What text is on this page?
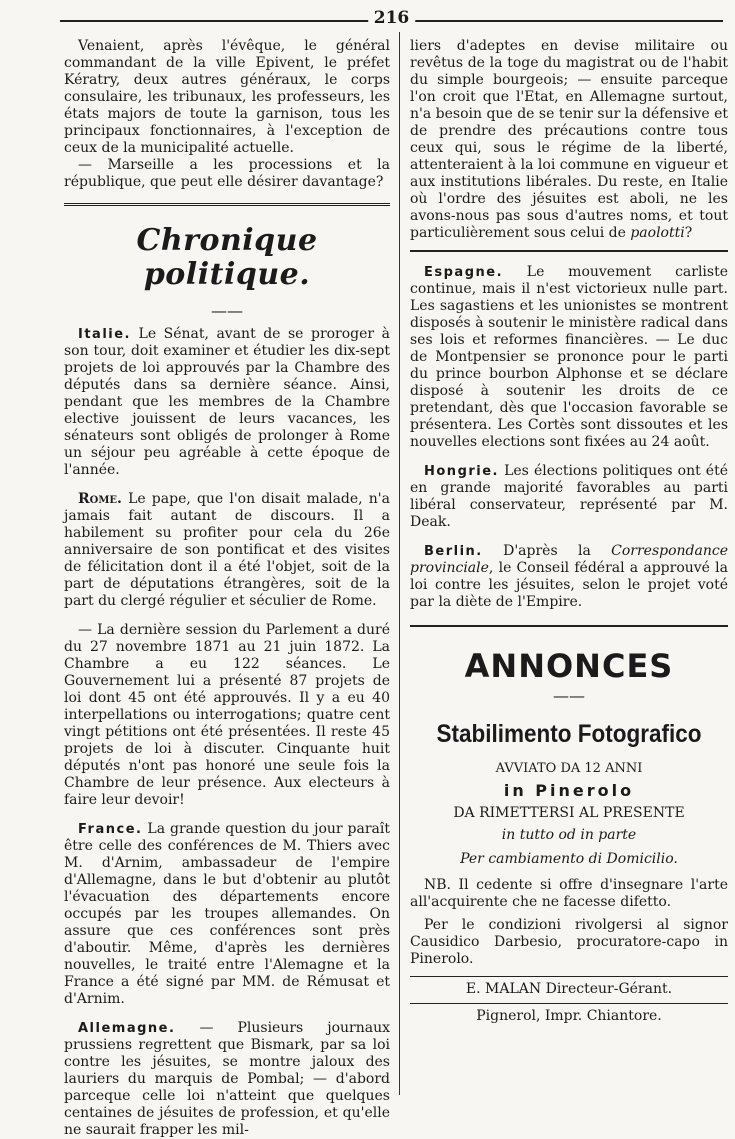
216

Venaient, après l'évêque, le général commandant de la ville Epivent, le préfet Kératry, deux autres généraux, le corps consulaire, les tribunaux, les professeurs, les états majors de toute la garnison, tous les principaux fonctionnaires, à l'exception de ceux de la municipalité actuelle.

— Marseille a les processions et la république, que peut elle désirer davantage?

Chronique politique.
——

Italie. Le Sénat, avant de se proroger à son tour, doit examiner et étudier les dix-sept projets de loi approuvés par la Chambre des députés dans sa dernière séance. Ainsi, pendant que les membres de la Chambre elective jouissent de leurs vacances, les sénateurs sont obligés de prolonger à Rome un séjour peu agréable à cette époque de l'année.

Rome. Le pape, que l'on disait malade, n'a jamais fait autant de discours. Il a habilement su profiter pour cela du 26e anniversaire de son pontificat et des visites de félicitation dont il a été l'objet, soit de la part de députations étrangères, soit de la part du clergé régulier et séculier de Rome.

— La dernière session du Parlement a duré du 27 novembre 1871 au 21 juin 1872. La Chambre a eu 122 séances. Le Gouvernement lui a présenté 87 projets de loi dont 45 ont été approuvés. Il y a eu 40 interpellations ou interrogations; quatre cent vingt pétitions ont été présentées. Il reste 45 projets de loi à discuter. Cinquante huit députés n'ont pas honoré une seule fois la Chambre de leur présence. Aux electeurs à faire leur devoir!

France. La grande question du jour paraît être celle des conférences de M. Thiers avec M. d'Arnim, ambassadeur de l'empire d'Allemagne, dans le but d'obtenir au plutôt l'évacuation des départements encore occupés par les troupes allemandes. On assure que ces conférences sont près d'aboutir. Même, d'après les dernières nouvelles, le traité entre l'Alemagne et la France a été signé par MM. de Rémusat et d'Arnim.

Allemagne. — Plusieurs journaux prussiens regrettent que Bismark, par sa loi contre les jésuites, se montre jaloux des lauriers du marquis de Pombal; — d'abord parceque celle loi n'atteint que quelques centaines de jésuites de profession, et qu'elle ne saurait frapper les mil-

liers d'adeptes en devise militaire ou revêtus de la toge du magistrat ou de l'habit du simple bourgeois; — ensuite parceque l'on croit que l'Etat, en Allemagne surtout, n'a besoin que de se tenir sur la défensive et de prendre des précautions contre tous ceux qui, sous le régime de la liberté, attenteraient à la loi commune en vigueur et aux institutions libérales. Du reste, en Italie où l'ordre des jésuites est aboli, ne les avons-nous pas sous d'autres noms, et tout particulièrement sous celui de paolotti?

Espagne. Le mouvement carliste continue, mais il n'est victorieux nulle part. Les sagastiens et les unionistes se montrent disposés à soutenir le ministère radical dans ses lois et reformes financières. — Le duc de Montpensier se prononce pour le parti du prince bourbon Alphonse et se déclare disposé à soutenir les droits de ce pretendant, dès que l'occasion favorable se présentera. Les Cortès sont dissoutes et les nouvelles elections sont fixées au 24 août.

Hongrie. Les élections politiques ont été en grande majorité favorables au parti libéral conservateur, représenté par M. Deak.

Berlin. D'après la Correspondance provinciale, le Conseil fédéral a approuvé la loi contre les jésuites, selon le projet voté par la diète de l'Empire.

ANNONCES
——
Stabilimento Fotografico
AVVIATO DA 12 ANNI
in Pinerolo
DA RIMETTERSI AL PRESENTE
in tutto od in parte
Per cambiamento di Domicilio.

NB. Il cedente si offre d'insegnare l'arte all'acquirente che ne facesse difetto.

Per le condizioni rivolgersi al signor Causidico Darbesio, procuratore-capo in Pinerolo.

E. MALAN Directeur-Gérant.
Pignerol, Impr. Chiantore.
